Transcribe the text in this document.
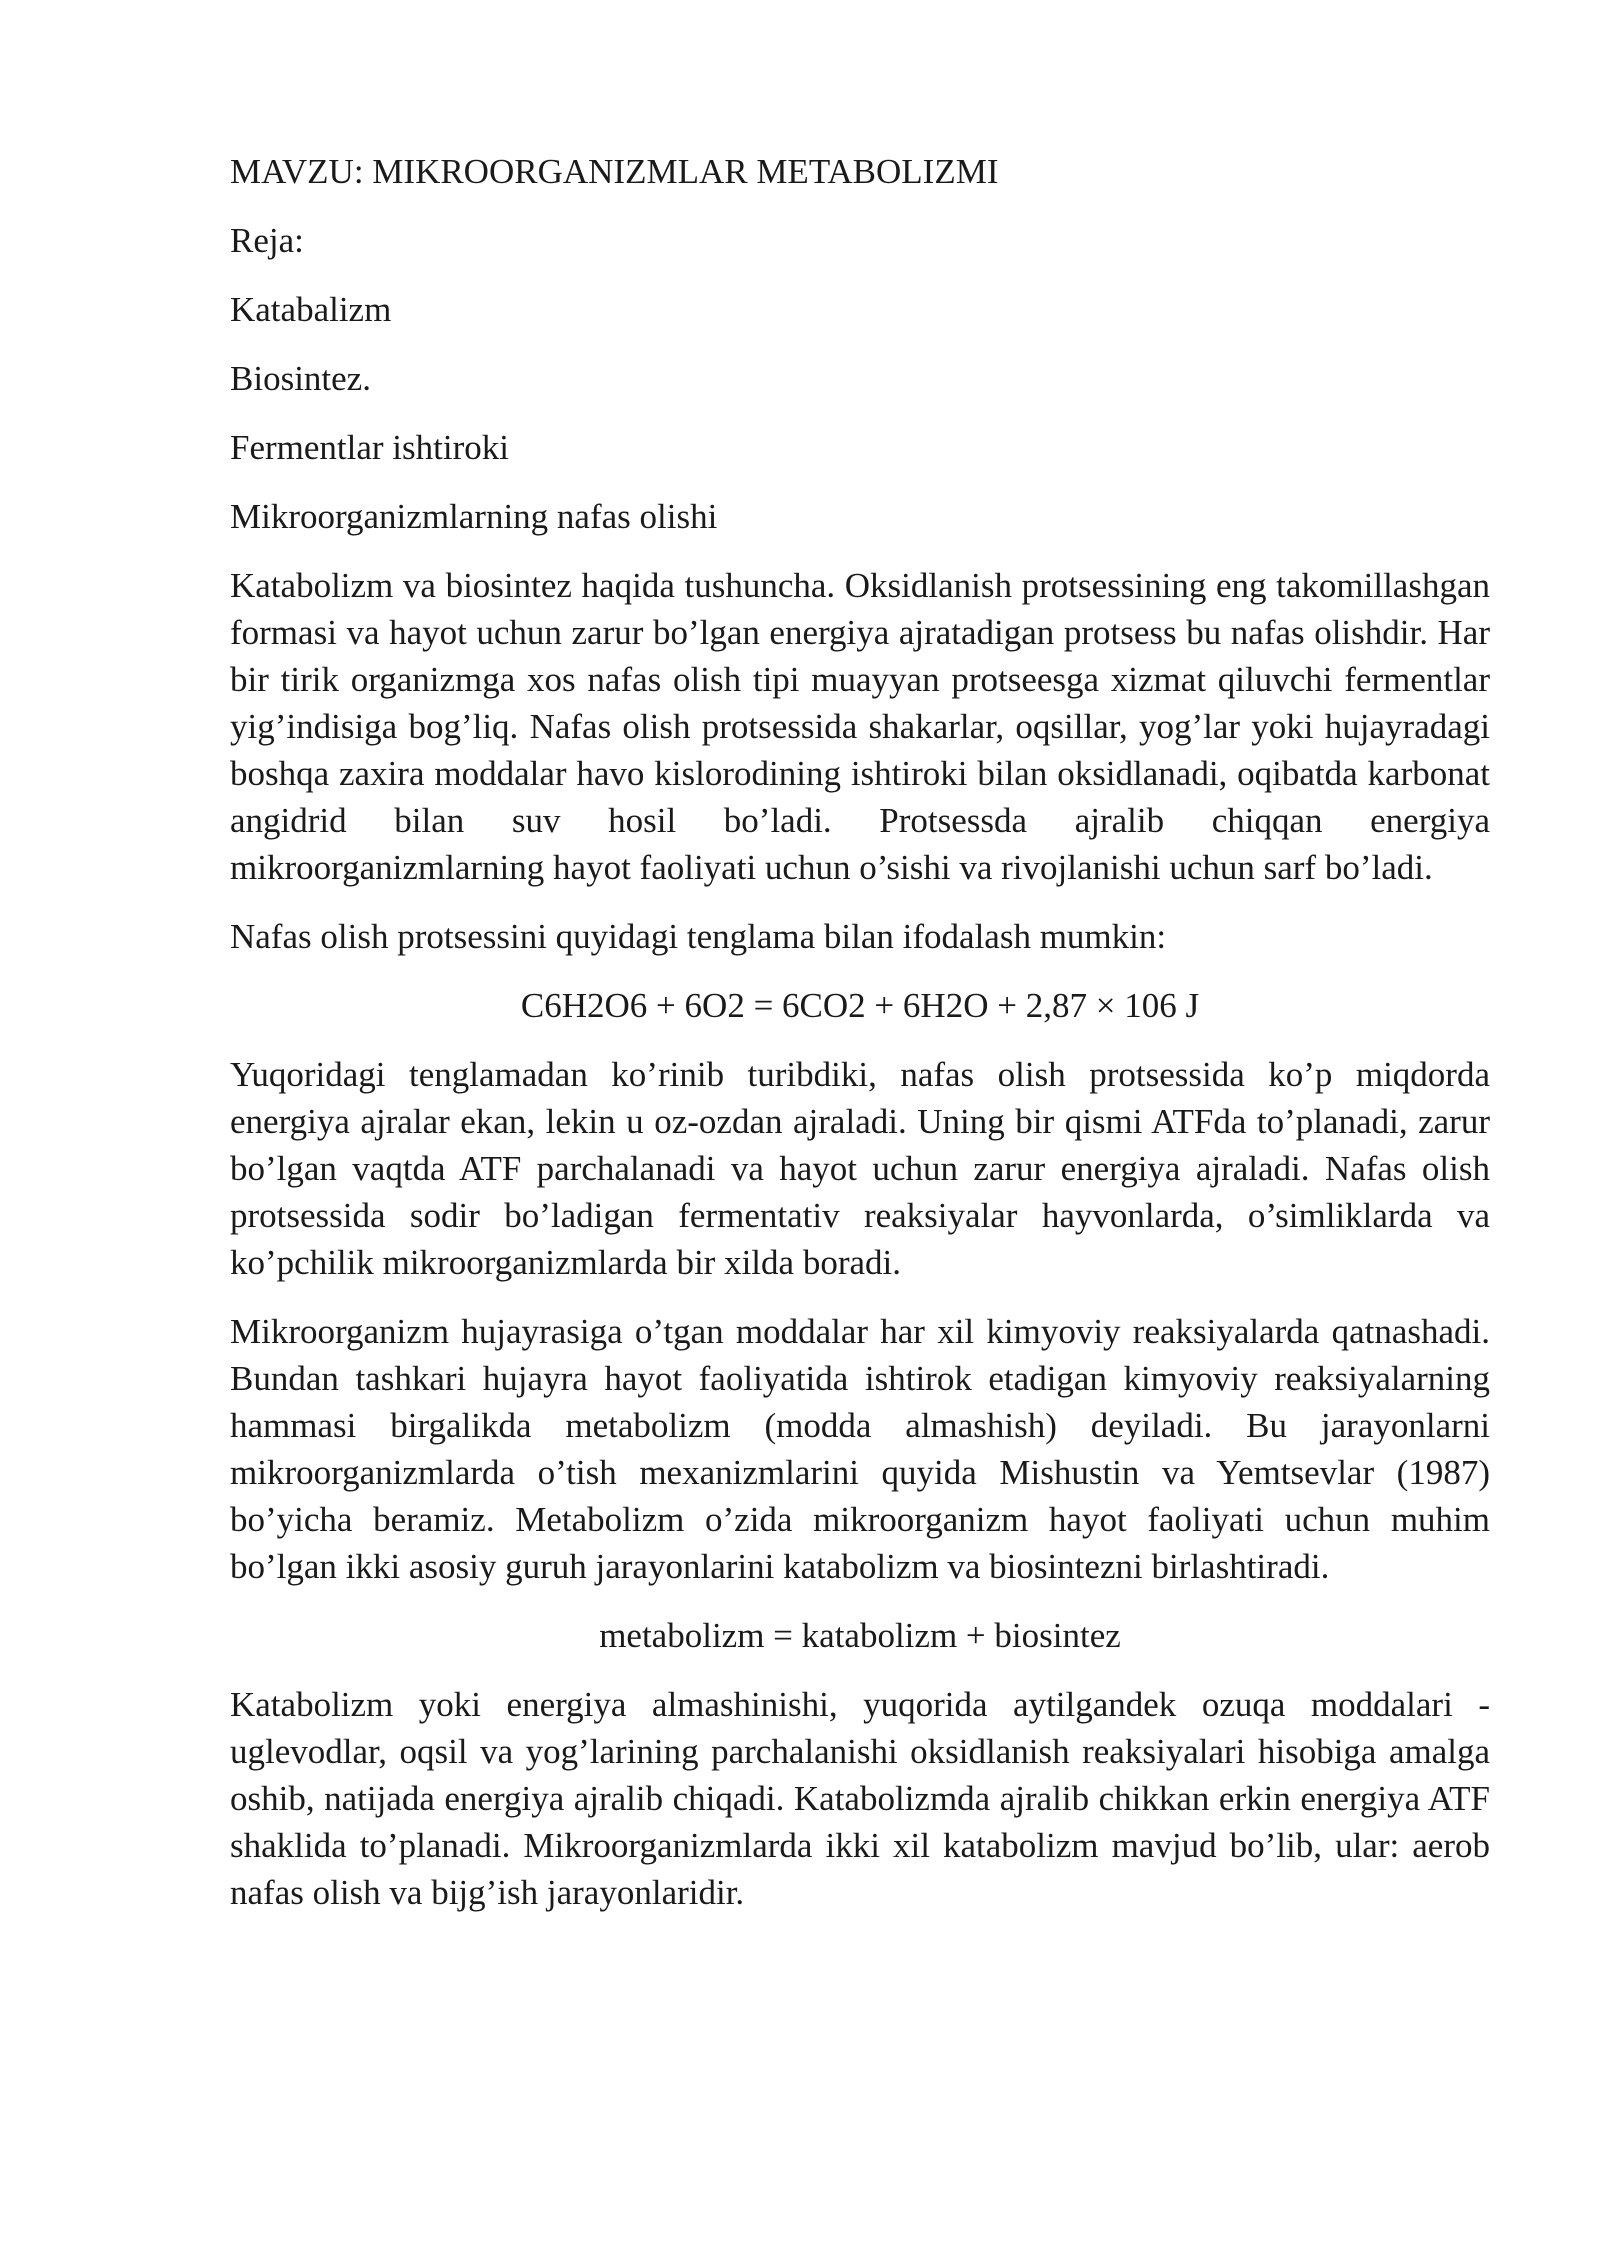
MAVZU: MIKROORGANIZMLAR METABOLIZMI

Reja:

Katabalizm

Biosintez.

Fermentlar ishtiroki

Mikroorganizmlarning nafas olishi

Katabolizm va biosintez haqida tushuncha. Oksidlanish protsessining eng takomillashgan formasi va hayot uchun zarur bo’lgan energiya ajratadigan protsess bu nafas olishdir. Har bir tirik organizmga xos nafas olish tipi muayyan protseesga xizmat qiluvchi fermentlar yig’indisiga bog’liq. Nafas olish protsessida shakarlar, oqsillar, yog’lar yoki hujayradagi boshqa zaxira moddalar havo kislorodining ishtiroki bilan oksidlanadi, oqibatda karbonat angidrid bilan suv hosil bo’ladi. Protsessda ajralib chiqqan energiya mikroorganizmlarning hayot faoliyati uchun o’sishi va rivojlanishi uchun sarf bo’ladi.

Nafas olish protsessini quyidagi tenglama bilan ifodalash mumkin:

C6H2O6 + 6O2 = 6CO2 + 6H2O + 2,87 × 106 J

Yuqoridagi tenglamadan ko’rinib turibdiki, nafas olish protsessida ko’p miqdorda energiya ajralar ekan, lekin u oz-ozdan ajraladi. Uning bir qismi ATFda to’planadi, zarur bo’lgan vaqtda ATF parchalanadi va hayot uchun zarur energiya ajraladi. Nafas olish protsessida sodir bo’ladigan fermentativ reaksiyalar hayvonlarda, o’simliklarda va ko’pchilik mikroorganizmlarda bir xilda boradi.

Mikroorganizm hujayrasiga o’tgan moddalar har xil kimyoviy reaksiyalarda qatnashadi. Bundan tashkari hujayra hayot faoliyatida ishtirok etadigan kimyoviy reaksiyalarning hammasi birgalikda metabolizm (modda almashish) deyiladi. Bu jarayonlarni mikroorganizmlarda o’tish mexanizmlarini quyida Mishustin va Yemtsevlar (1987) bo’yicha beramiz. Metabolizm o’zida mikroorganizm hayot faoliyati uchun muhim bo’lgan ikki asosiy guruh jarayonlarini katabolizm va biosintezni birlashtiradi.

metabolizm = katabolizm + biosintez

Katabolizm yoki energiya almashinishi, yuqorida aytilgandek ozuqa moddalari - uglevodlar, oqsil va yog’larining parchalanishi oksidlanish reaksiyalari hisobiga amalga oshib, natijada energiya ajralib chiqadi. Katabolizmda ajralib chikkan erkin energiya ATF shaklida to’planadi. Mikroorganizmlarda ikki xil katabolizm mavjud bo’lib, ular: aerob nafas olish va bijg’ish jarayonlaridir.
